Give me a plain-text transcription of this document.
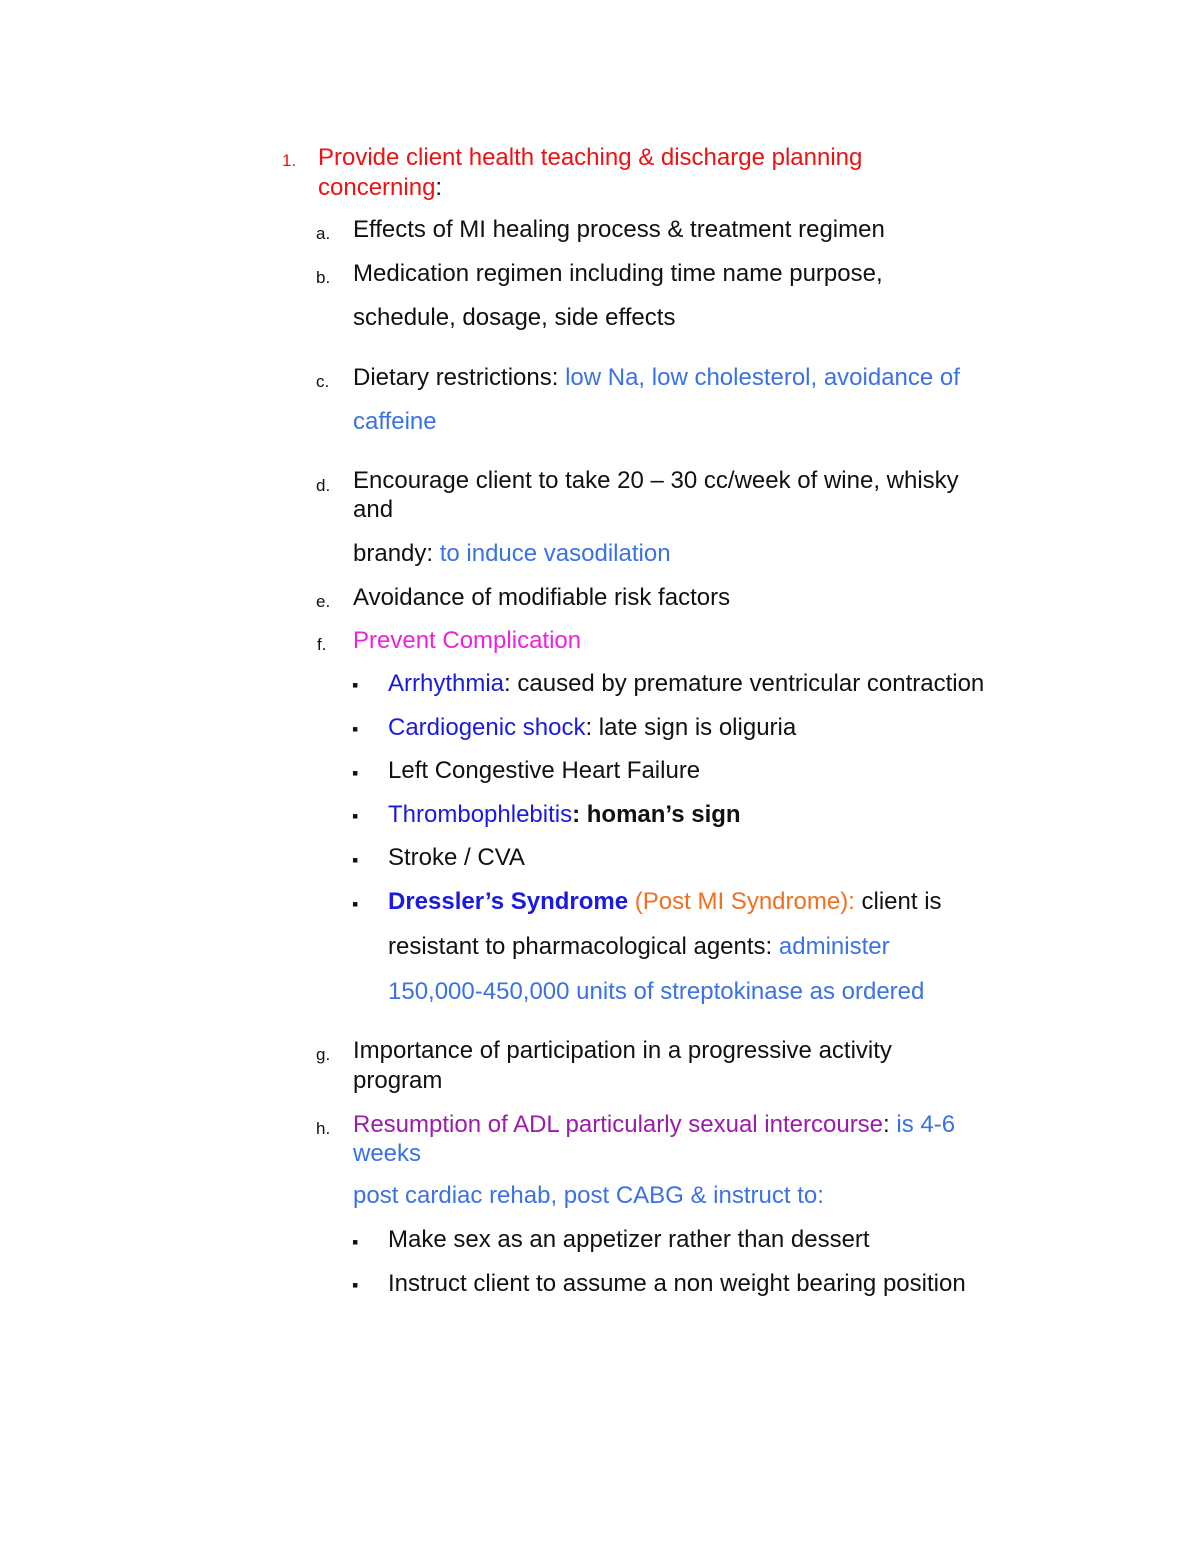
1. Provide client health teaching & discharge planning
concerning:
a. Effects of MI healing process & treatment regimen
b. Medication regimen including time name purpose,
schedule, dosage, side effects
c. Dietary restrictions: low Na, low cholesterol, avoidance of
caffeine
d. Encourage client to take 20 – 30 cc/week of wine, whisky
and
brandy: to induce vasodilation
e. Avoidance of modifiable risk factors
f. Prevent Complication
▪ Arrhythmia: caused by premature ventricular contraction
▪ Cardiogenic shock: late sign is oliguria
▪ Left Congestive Heart Failure
▪ Thrombophlebitis: homan’s sign
▪ Stroke / CVA
▪ Dressler’s Syndrome (Post MI Syndrome): client is
resistant to pharmacological agents: administer
150,000-450,000 units of streptokinase as ordered
g. Importance of participation in a progressive activity
program
h. Resumption of ADL particularly sexual intercourse: is 4-6
weeks
post cardiac rehab, post CABG & instruct to:
▪ Make sex as an appetizer rather than dessert
▪ Instruct client to assume a non weight bearing position
